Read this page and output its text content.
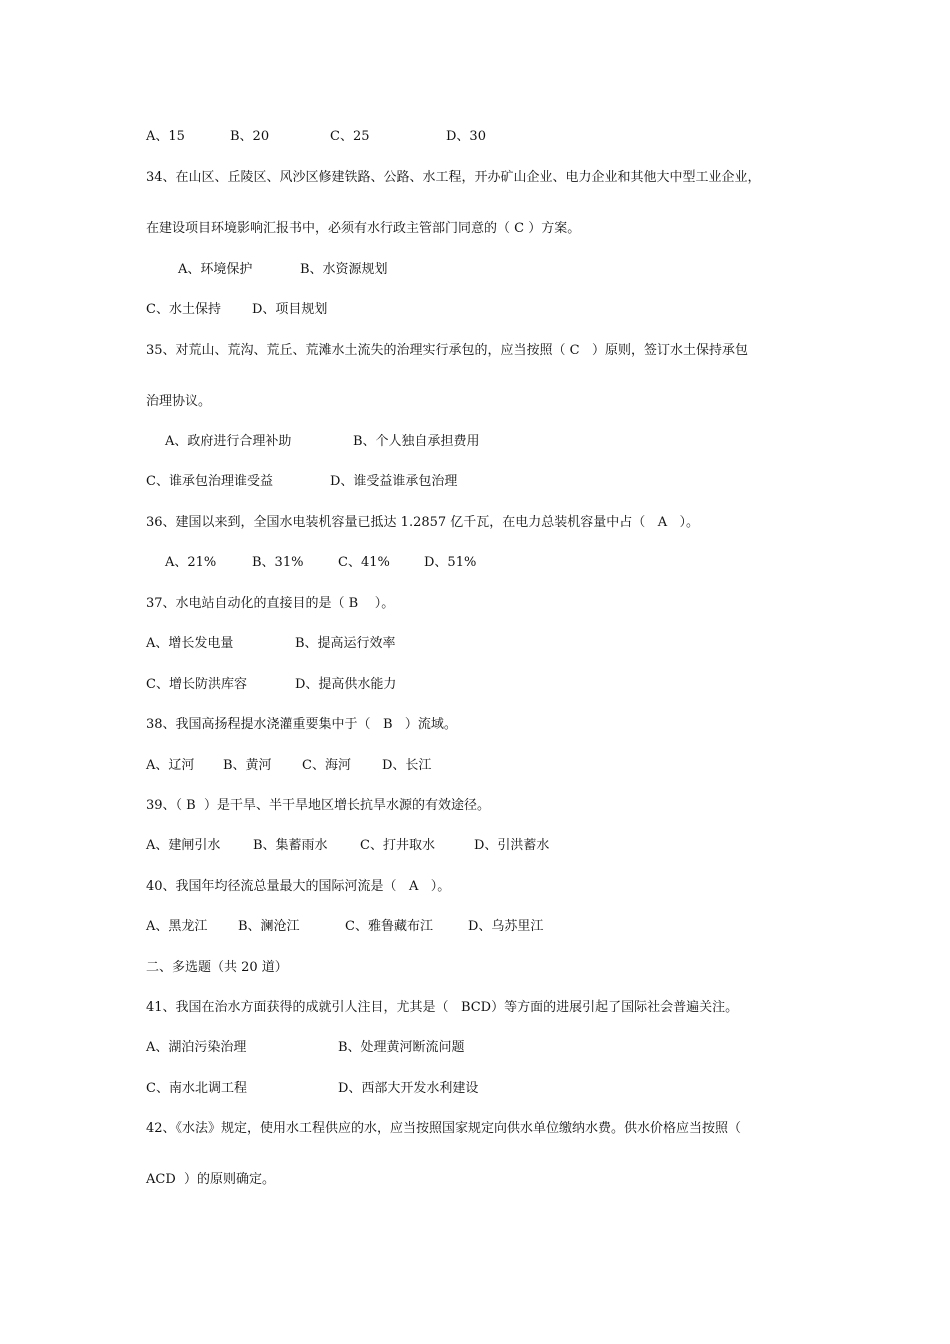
A、15	B、20	C、25	D、30
34、在山区、丘陵区、风沙区修建铁路、公路、水工程，开办矿山企业、电力企业和其他大中型工业企业，
在建设项目环境影响汇报书中，必须有水行政主管部门同意的（ C ）方案。
A、环境保护	B、水资源规划
C、水土保持 D、项目规划
35、对荒山、荒沟、荒丘、荒滩水土流失的治理实行承包的，应当按照（ C   ）原则，签订水土保持承包
治理协议。
A、政府进行合理补助	B、个人独自承担费用
C、谁承包治理谁受益	D、谁受益谁承包治理
36、建国以来到，全国水电装机容量已抵达 1.2857 亿千瓦，在电力总装机容量中占（   A   ）。
A、21%	B、31%	C、41%	D、51%
37、水电站自动化的直接目的是（ B    ）。
A、增长发电量	B、提高运行效率
C、增长防洪库容	D、提高供水能力
38、我国高扬程提水浇灌重要集中于（   B   ）流域。
A、辽河 B、黄河 C、海河 D、长江
39、（ B  ）是干旱、半干旱地区增长抗旱水源的有效途径。
A、建闸引水	B、集蓄雨水 C、打井取水	D、引洪蓄水
40、我国年均径流总量最大的国际河流是（   A   ）。
A、黑龙江 B、澜沧江	C、雅鲁藏布江	D、乌苏里江
二、多选题（共 20 道）
41、我国在治水方面获得的成就引人注目，尤其是（   BCD）等方面的进展引起了国际社会普遍关注。
A、湖泊污染治理	B、处理黄河断流问题
C、南水北调工程	D、西部大开发水利建设
42、《水法》规定，使用水工程供应的水，应当按照国家规定向供水单位缴纳水费。供水价格应当按照（
ACD  ）的原则确定。
